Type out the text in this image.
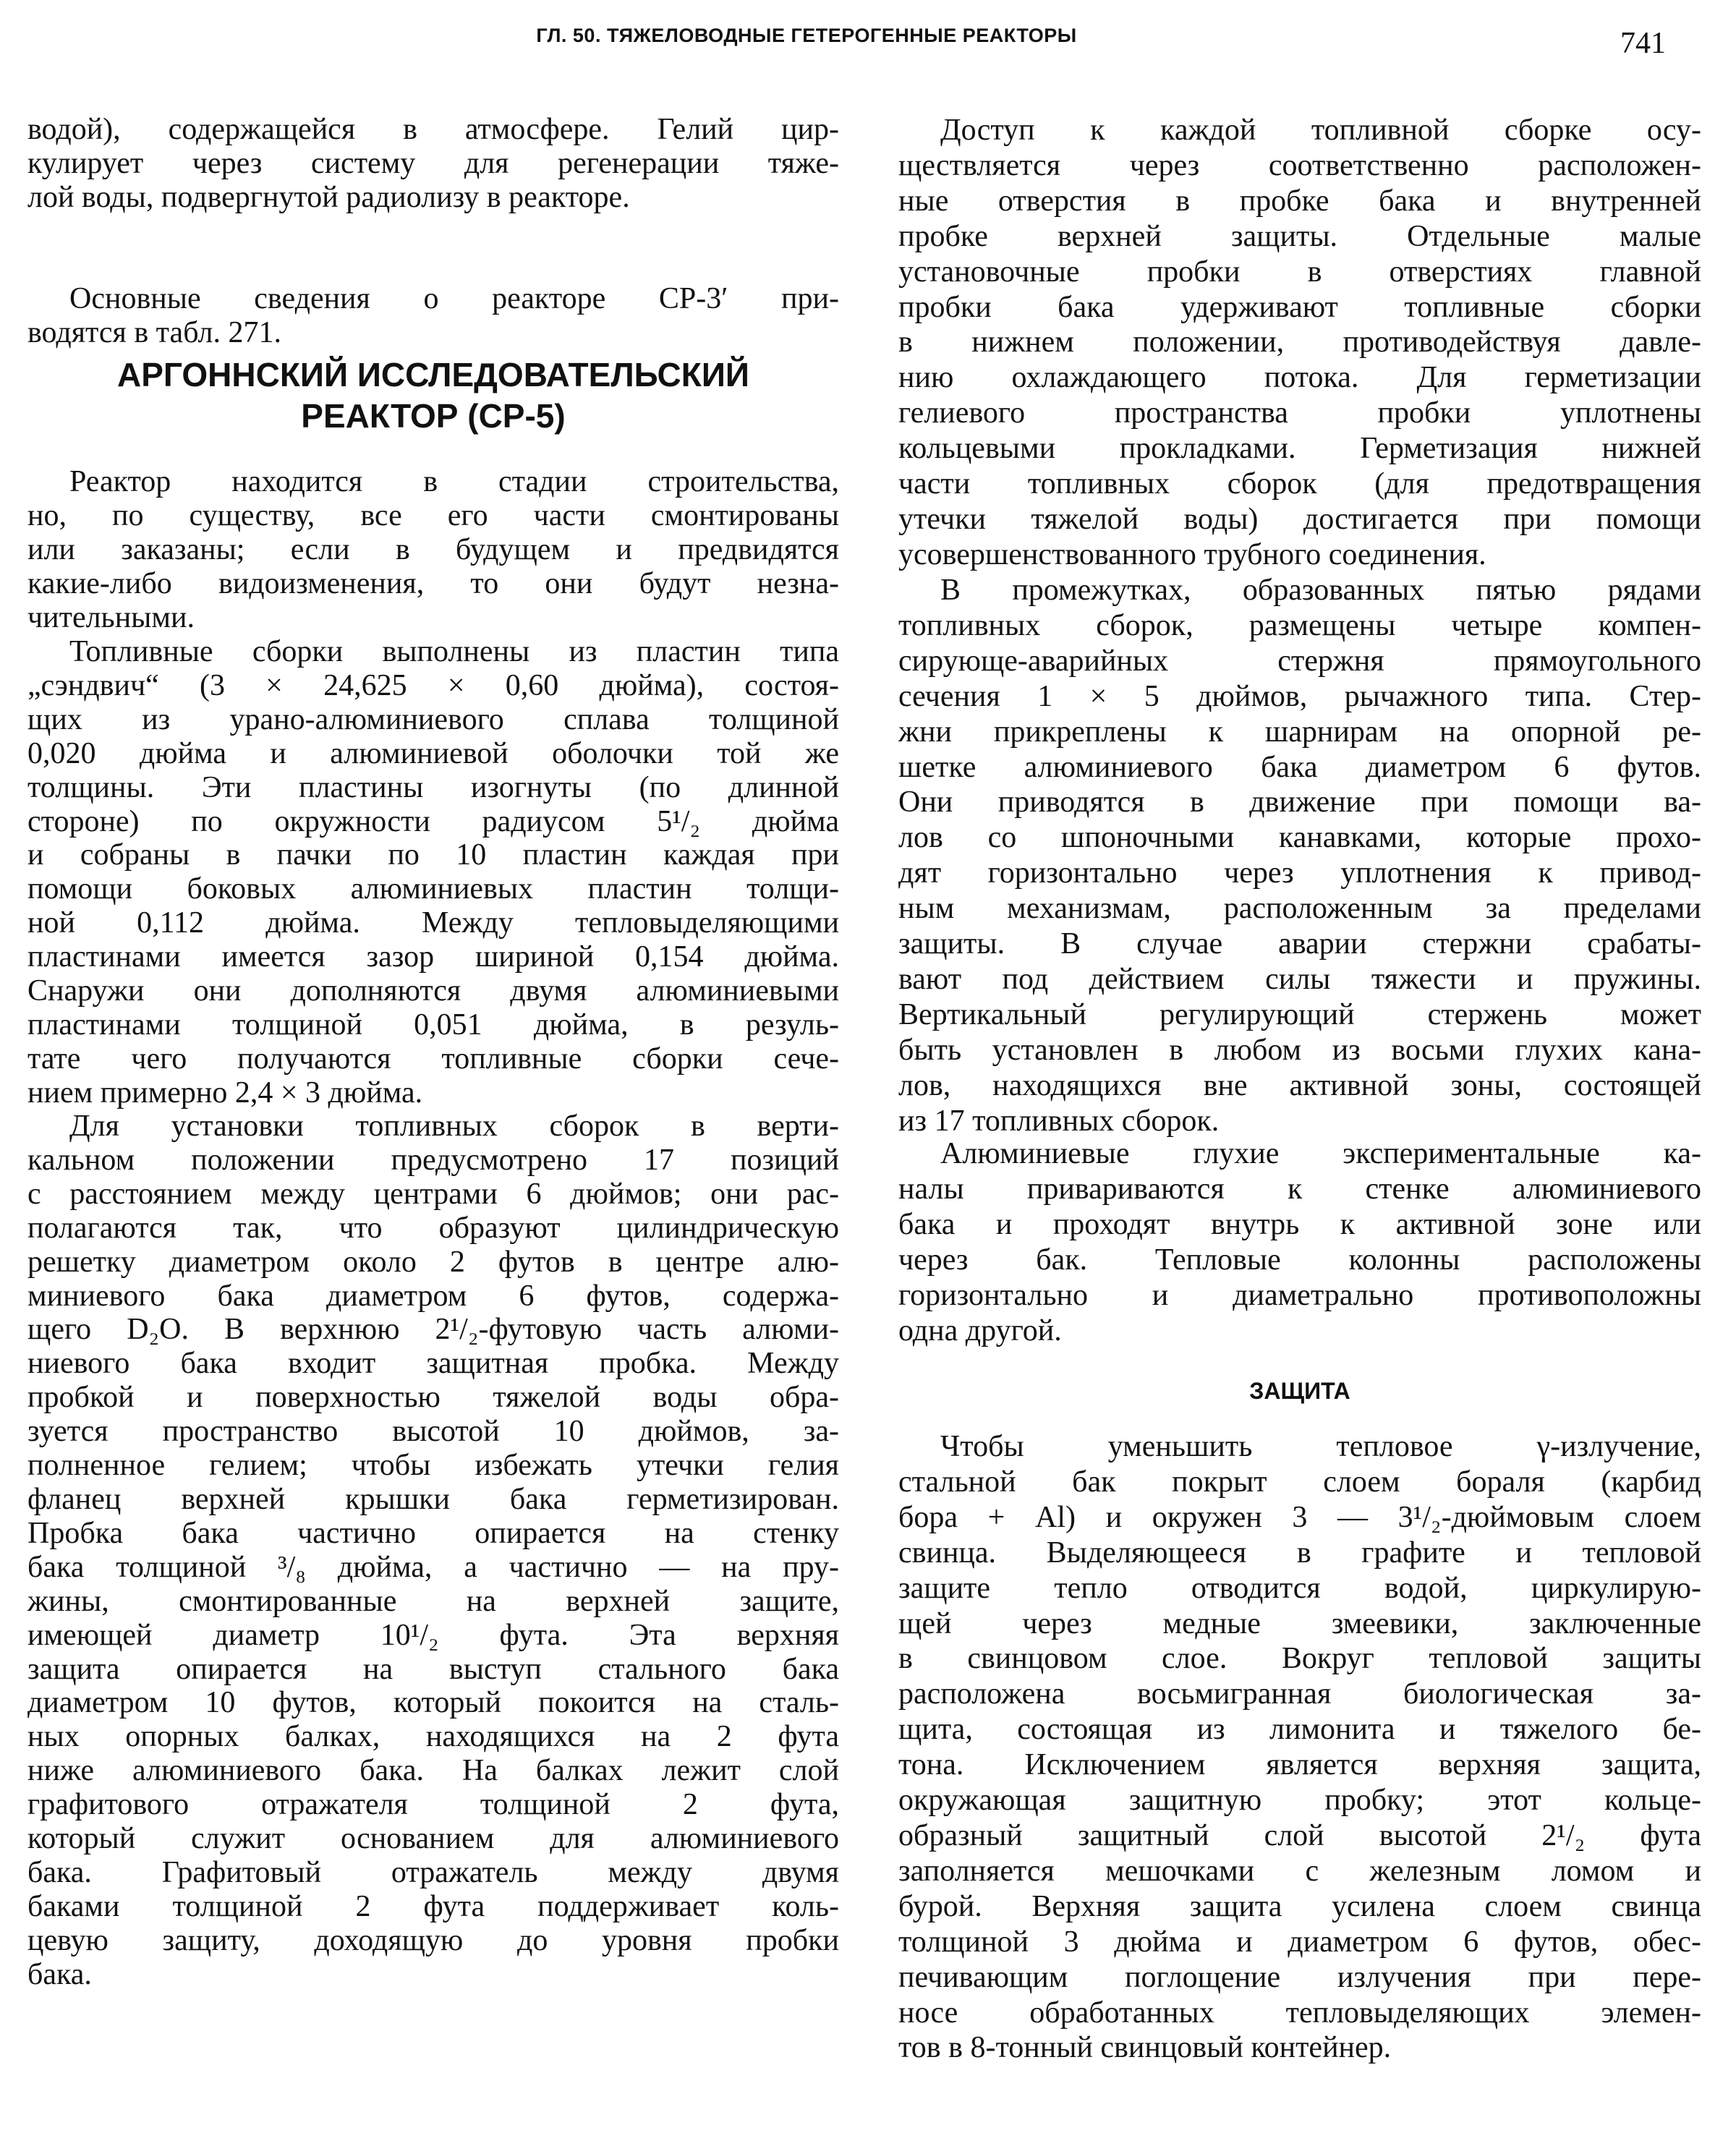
ГЛ. 50. ТЯЖЕЛОВОДНЫЕ ГЕТЕРОГЕННЫЕ РЕАКТОРЫ	741
водой), содержащейся в атмосфере. Гелий цир-
кулирует через систему для регенерации тяже-
лой воды, подвергнутой радиолизу в реакторе.
Основные сведения о реакторе СР-3′ при-
водятся в табл. 271.
АРГОННСКИЙ ИССЛЕДОВАТЕЛЬСКИЙ
РЕАКТОР (СР-5)
Реактор находится в стадии строительства,
но, по существу, все его части смонтированы
или заказаны; если в будущем и предвидятся
какие-либо видоизменения, то они будут незна-
чительными.
Топливные сборки выполнены из пластин типа
„сэндвич“ (3 × 24,625 × 0,60 дюйма), состоя-
щих из урано-алюминиевого сплава толщиной
0,020 дюйма и алюминиевой оболочки той же
толщины. Эти пластины изогнуты (по длинной
стороне) по окружности радиусом 5¹/₂ дюйма
и собраны в пачки по 10 пластин каждая при
помощи боковых алюминиевых пластин толщи-
ной 0,112 дюйма. Между тепловыделяющими
пластинами имеется зазор шириной 0,154 дюйма.
Снаружи они дополняются двумя алюминиевыми
пластинами толщиной 0,051 дюйма, в резуль-
тате чего получаются топливные сборки сече-
нием примерно 2,4 × 3 дюйма.
Для установки топливных сборок в верти-
кальном положении предусмотрено 17 позиций
с расстоянием между центрами 6 дюймов; они рас-
полагаются так, что образуют цилиндрическую
решетку диаметром около 2 футов в центре алю-
миниевого бака диаметром 6 футов, содержа-
щего D₂O. В верхнюю 2¹/₂-футовую часть алюми-
ниевого бака входит защитная пробка. Между
пробкой и поверхностью тяжелой воды обра-
зуется пространство высотой 10 дюймов, за-
полненное гелием; чтобы избежать утечки гелия
фланец верхней крышки бака герметизирован.
Пробка бака частично опирается на стенку
бака толщиной ³/₈ дюйма, а частично — на пру-
жины, смонтированные на верхней защите,
имеющей диаметр 10¹/₂ фута. Эта верхняя
защита опирается на выступ стального бака
диаметром 10 футов, который покоится на сталь-
ных опорных балках, находящихся на 2 фута
ниже алюминиевого бака. На балках лежит слой
графитового отражателя толщиной 2 фута,
который служит основанием для алюминиевого
бака. Графитовый отражатель между двумя
баками толщиной 2 фута поддерживает коль-
цевую защиту, доходящую до уровня пробки
бака.
Доступ к каждой топливной сборке осу-
ществляется через соответственно расположен-
ные отверстия в пробке бака и внутренней
пробке верхней защиты. Отдельные малые
установочные пробки в отверстиях главной
пробки бака удерживают топливные сборки
в нижнем положении, противодействуя давле-
нию охлаждающего потока. Для герметизации
гелиевого пространства пробки уплотнены
кольцевыми прокладками. Герметизация нижней
части топливных сборок (для предотвращения
утечки тяжелой воды) достигается при помощи
усовершенствованного трубного соединения.
В промежутках, образованных пятью рядами
топливных сборок, размещены четыре компен-
сирующе-аварийных стержня прямоугольного
сечения 1 × 5 дюймов, рычажного типа. Стер-
жни прикреплены к шарнирам на опорной ре-
шетке алюминиевого бака диаметром 6 футов.
Они приводятся в движение при помощи ва-
лов со шпоночными канавками, которые прохо-
дят горизонтально через уплотнения к привод-
ным механизмам, расположенным за пределами
защиты. В случае аварии стержни срабаты-
вают под действием силы тяжести и пружины.
Вертикальный регулирующий стержень может
быть установлен в любом из восьми глухих кана-
лов, находящихся вне активной зоны, состоящей
из 17 топливных сборок.
Алюминиевые глухие экспериментальные ка-
налы привариваются к стенке алюминиевого
бака и проходят внутрь к активной зоне или
через бак. Тепловые колонны расположены
горизонтально и диаметрально противоположны
одна другой.
ЗАЩИТА
Чтобы уменьшить тепловое γ-излучение,
стальной бак покрыт слоем бораля (карбид
бора + Al) и окружен 3 — 3¹/₂-дюймовым слоем
свинца. Выделяющееся в графите и тепловой
защите тепло отводится водой, циркулирую-
щей через медные змеевики, заключенные
в свинцовом слое. Вокруг тепловой защиты
расположена восьмигранная биологическая за-
щита, состоящая из лимонита и тяжелого бе-
тона. Исключением является верхняя защита,
окружающая защитную пробку; этот кольце-
образный защитный слой высотой 2¹/₂ фута
заполняется мешочками с железным ломом и
бурой. Верхняя защита усилена слоем свинца
толщиной 3 дюйма и диаметром 6 футов, обес-
печивающим поглощение излучения при пере-
носе обработанных тепловыделяющих элемен-
тов в 8-тонный свинцовый контейнер.
